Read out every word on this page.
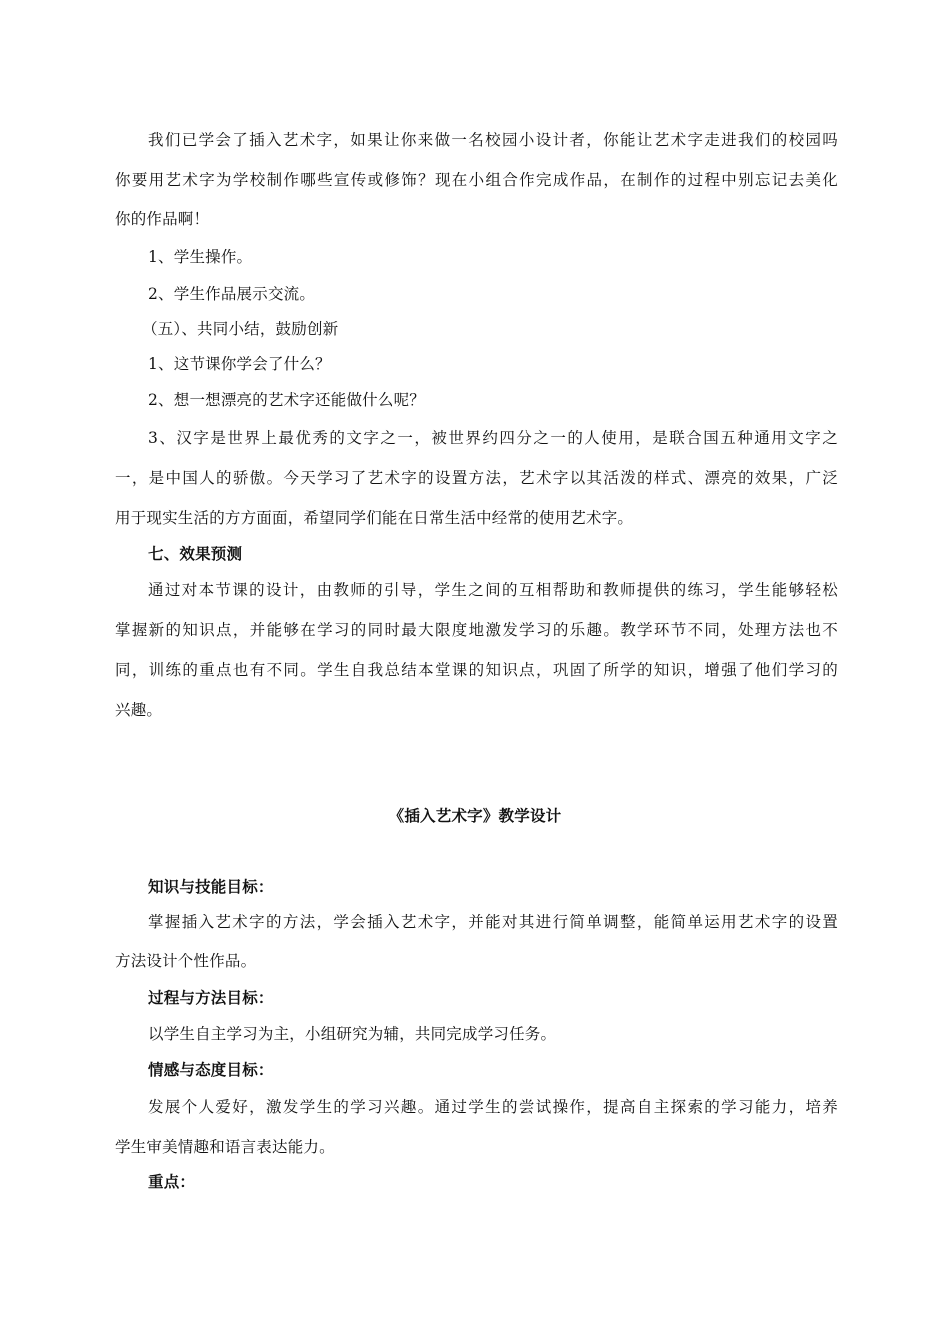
我们已学会了插入艺术字，如果让你来做一名校园小设计者，你能让艺术字走进我们的校园吗
你要用艺术字为学校制作哪些宣传或修饰？现在小组合作完成作品，在制作的过程中别忘记去美化
你的作品啊！
1、学生操作。
2、学生作品展示交流。
（五）、共同小结，鼓励创新
1、这节课你学会了什么？
2、想一想漂亮的艺术字还能做什么呢？
3、汉字是世界上最优秀的文字之一，被世界约四分之一的人使用，是联合国五种通用文字之
一，是中国人的骄傲。今天学习了艺术字的设置方法，艺术字以其活泼的样式、漂亮的效果，广泛
用于现实生活的方方面面，希望同学们能在日常生活中经常的使用艺术字。
七、效果预测
通过对本节课的设计，由教师的引导，学生之间的互相帮助和教师提供的练习，学生能够轻松
掌握新的知识点，并能够在学习的同时最大限度地激发学习的乐趣。教学环节不同，处理方法也不
同，训练的重点也有不同。学生自我总结本堂课的知识点，巩固了所学的知识，增强了他们学习的
兴趣。
《插入艺术字》教学设计
知识与技能目标：
掌握插入艺术字的方法，学会插入艺术字，并能对其进行简单调整，能简单运用艺术字的设置
方法设计个性作品。
过程与方法目标：
以学生自主学习为主，小组研究为辅，共同完成学习任务。
情感与态度目标：
发展个人爱好，激发学生的学习兴趣。通过学生的尝试操作，提高自主探索的学习能力，培养
学生审美情趣和语言表达能力。
重点：
